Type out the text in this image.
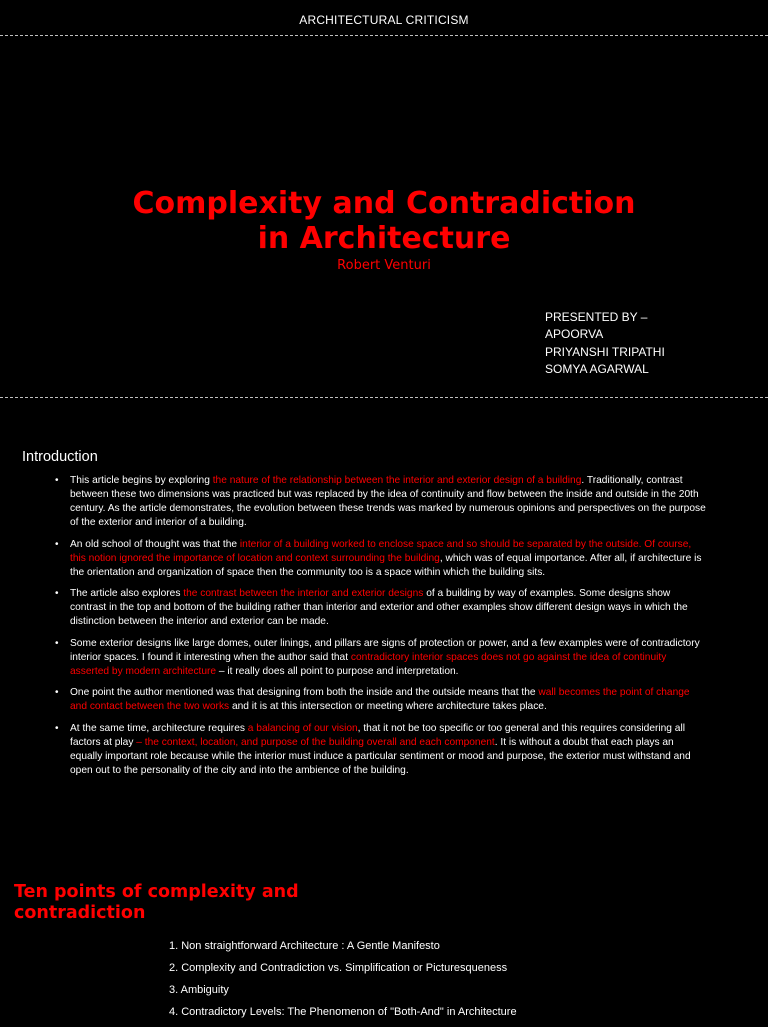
ARCHITECTURAL CRITICISM
Complexity and Contradiction
in Architecture
Robert Venturi
PRESENTED BY –
APOORVA
PRIYANSHI TRIPATHI
SOMYA AGARWAL
Introduction
• This article begins by exploring the nature of the relationship between the interior and exterior design of a building. Traditionally, contrast between these two dimensions was practiced but was replaced by the idea of continuity and flow between the inside and outside in the 20th century. As the article demonstrates, the evolution between these trends was marked by numerous opinions and perspectives on the purpose of the exterior and interior of a building.
• An old school of thought was that the interior of a building worked to enclose space and so should be separated by the outside. Of course, this notion ignored the importance of location and context surrounding the building, which was of equal importance. After all, if architecture is the orientation and organization of space then the community too is a space within which the building sits.
• The article also explores the contrast between the interior and exterior designs of a building by way of examples. Some designs show contrast in the top and bottom of the building rather than interior and exterior and other examples show different design ways in which the distinction between the interior and exterior can be made.
• Some exterior designs like large domes, outer linings, and pillars are signs of protection or power, and a few examples were of contradictory interior spaces. I found it interesting when the author said that contradictory interior spaces does not go against the idea of continuity asserted by modern architecture – it really does all point to purpose and interpretation.
• One point the author mentioned was that designing from both the inside and the outside means that the wall becomes the point of change and contact between the two works and it is at this intersection or meeting where architecture takes place.
• At the same time, architecture requires a balancing of our vision, that it not be too specific or too general and this requires considering all factors at play – the context, location, and purpose of the building overall and each component. It is without a doubt that each plays an equally important role because while the interior must induce a particular sentiment or mood and purpose, the exterior must withstand and open out to the personality of the city and into the ambience of the building.
Ten points of complexity and
contradiction
1. Non straightforward Architecture : A Gentle Manifesto
2. Complexity and Contradiction vs. Simplification or Picturesqueness
3. Ambiguity
4. Contradictory Levels: The Phenomenon of "Both-And" in Architecture
